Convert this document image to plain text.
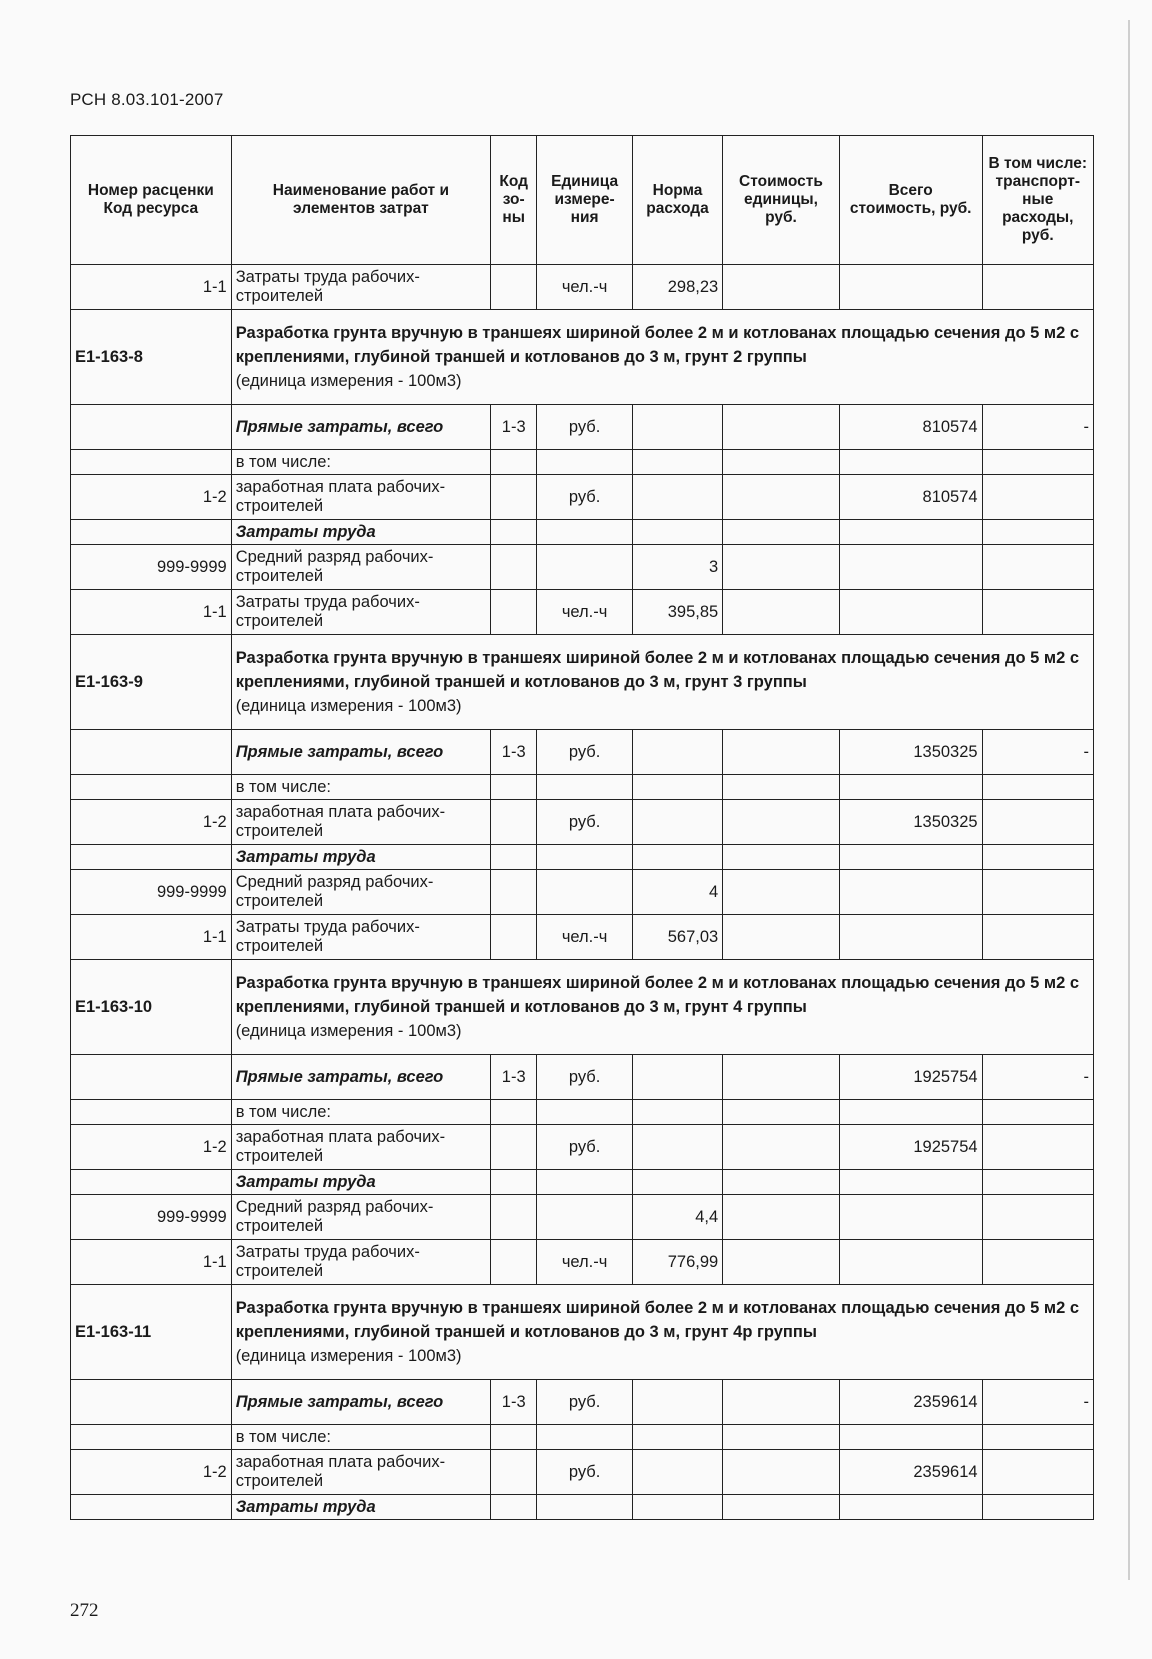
РСН 8.03.101-2007
Номер расценки Код ресурса	Наименование работ и элементов затрат	Код зо-ны	Единица измере-ния	Норма расхода	Стоимость единицы, руб.	Всего стоимость, руб.	В том числе: транспорт-ные расходы, руб.
1-1	Затраты труда рабочих-строителей		чел.-ч	298,23			
Е1-163-8	Разработка грунта вручную в траншеях шириной более 2 м и котлованах площадью сечения до 5 м2 с креплениями, глубиной траншей и котлованов до 3 м, грунт 2 группы
(единица измерения - 100м3)						

	Прямые затраты, всего	1-3	руб.			810574	-
	в том числе:						
1-2	заработная плата рабочих-строителей		руб.			810574	
	Затраты труда						
999-9999	Средний разряд рабочих-строителей			3			
1-1	Затраты труда рабочих-строителей		чел.-ч	395,85			
Е1-163-9	Разработка грунта вручную в траншеях шириной более 2 м и котлованах площадью сечения до 5 м2 с креплениями, глубиной траншей и котлованов до 3 м, грунт 3 группы
(единица измерения - 100м3)						

	Прямые затраты, всего	1-3	руб.			1350325	-
	в том числе:						
1-2	заработная плата рабочих-строителей		руб.			1350325	
	Затраты труда						
999-9999	Средний разряд рабочих-строителей			4			
1-1	Затраты труда рабочих-строителей		чел.-ч	567,03			
Е1-163-10	Разработка грунта вручную в траншеях шириной более 2 м и котлованах площадью сечения до 5 м2 с креплениями, глубиной траншей и котлованов до 3 м, грунт 4 группы
(единица измерения - 100м3)						

	Прямые затраты, всего	1-3	руб.			1925754	-
	в том числе:						
1-2	заработная плата рабочих-строителей		руб.			1925754	
	Затраты труда						
999-9999	Средний разряд рабочих-строителей			4,4			
1-1	Затраты труда рабочих-строителей		чел.-ч	776,99			
Е1-163-11	Разработка грунта вручную в траншеях шириной более 2 м и котлованах площадью сечения до 5 м2 с креплениями, глубиной траншей и котлованов до 3 м, грунт 4р группы
(единица измерения - 100м3)						

	Прямые затраты, всего	1-3	руб.			2359614	-
	в том числе:						
1-2	заработная плата рабочих-строителей		руб.			2359614	
	Затраты труда						
272
